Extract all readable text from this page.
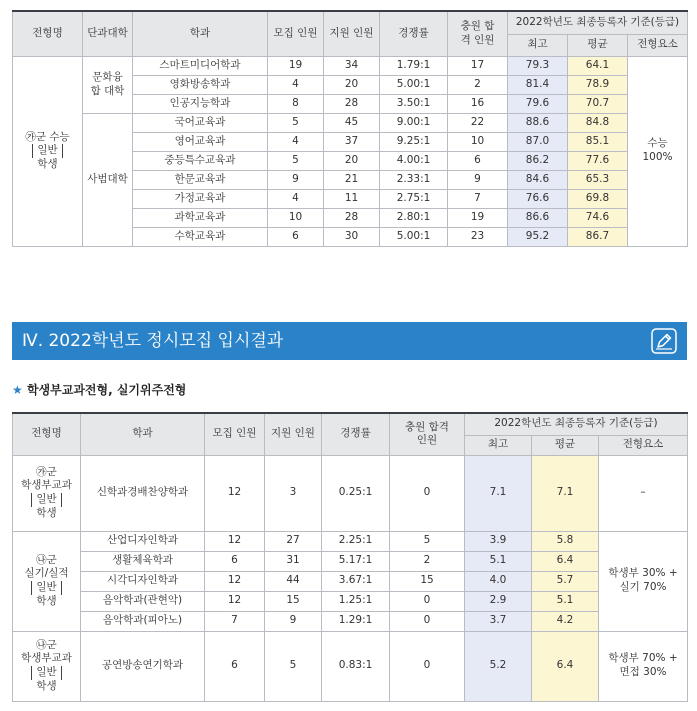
전형명	단과대학	학과	모집 인원	지원 인원	경쟁률	충원 합격 인원	2022학년도 최종등록자 기준(등급)		
							최고	평균	전형요소

㉮군 수능
일반
학생	문화융합 대학	스마트미디어학과	19	34	1.79:1	17	79.3	64.1	수능 100%
		영화방송학과	4	20	5.00:1	2	81.4	78.9	
		인공지능학과	8	28	3.50:1	16	79.6	70.7	
	사범대학	국어교육과	5	45	9.00:1	22	88.6	84.8	
		영어교육과	4	37	9.25:1	10	87.0	85.1	
		중등특수교육과	5	20	4.00:1	6	86.2	77.6	
		한문교육과	9	21	2.33:1	9	84.6	65.3	
		가정교육과	4	11	2.75:1	7	76.6	69.8	
		과학교육과	10	28	2.80:1	19	86.6	74.6	
		수학교육과	6	30	5.00:1	23	95.2	86.7	
Ⅳ. 2022학년도 정시모집 입시결과
★ 학생부교과전형, 실기위주전형
전형명	학과	모집 인원	지원 인원	경쟁률	충원 합격 인원	2022학년도 최종등록자 기준(등급)		
						최고	평균	전형요소

㉮군
학생부교과
일반
학생	신학과경배찬양학과	12	3	0.25:1	0	7.1	7.1	–

㉯군
실기/실적
일반
학생	산업디자인학과	12	27	2.25:1	5	3.9	5.8	학생부 30% + 실기 70%
	생활체육학과	6	31	5.17:1	2	5.1	6.4	
	시각디자인학과	12	44	3.67:1	15	4.0	5.7	
	음악학과(관현악)	12	15	1.25:1	0	2.9	5.1	
	음악학과(피아노)	7	9	1.29:1	0	3.7	4.2	

㉯군
학생부교과
일반
학생	공연방송연기학과	6	5	0.83:1	0	5.2	6.4	학생부 70% + 면접 30%
